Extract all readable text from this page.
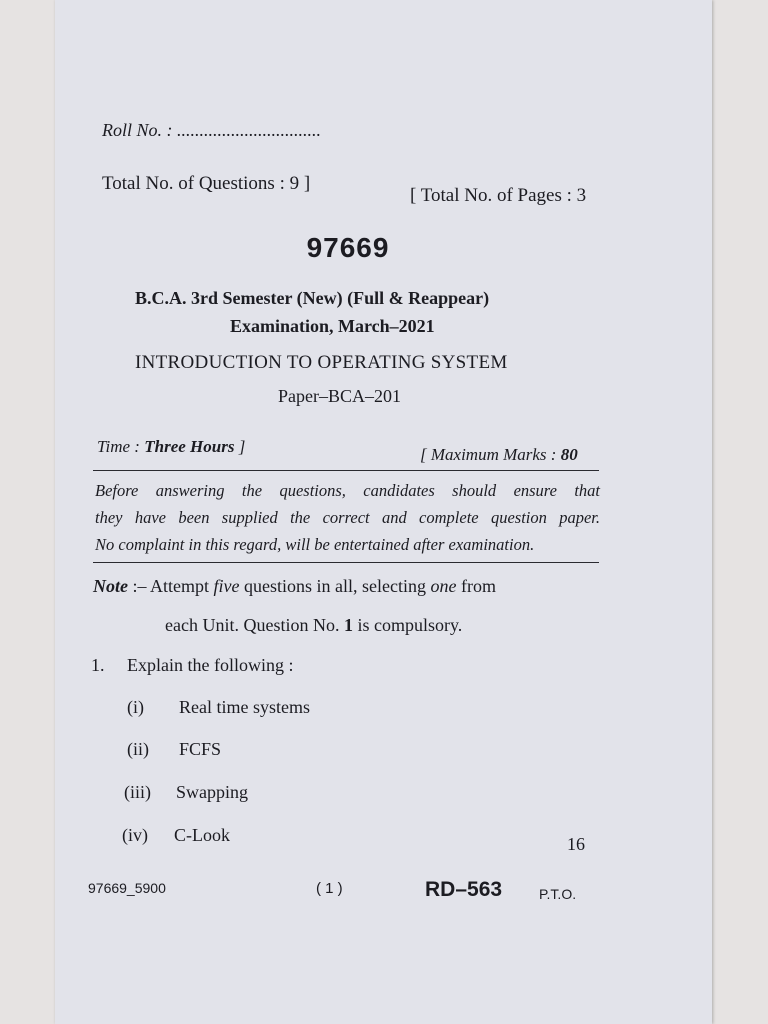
Roll No. : ................................
Total No. of Questions : 9 ]
[ Total No. of Pages : 3
97669
B.C.A. 3rd Semester (New) (Full & Reappear)
Examination, March–2021
INTRODUCTION TO OPERATING SYSTEM
Paper–BCA–201
Time : Three Hours ]	[ Maximum Marks : 80
Before answering the questions, candidates should ensure that
they have been supplied the correct and complete question paper.
No complaint in this regard, will be entertained after examination.
Note :– Attempt five questions in all, selecting one from
each Unit. Question No. 1 is compulsory.
1. Explain the following :
(i) Real time systems
(ii) FCFS
(iii) Swapping
(iv) C-Look	16
97669_5900	( 1 )	RD–563	P.T.O.
